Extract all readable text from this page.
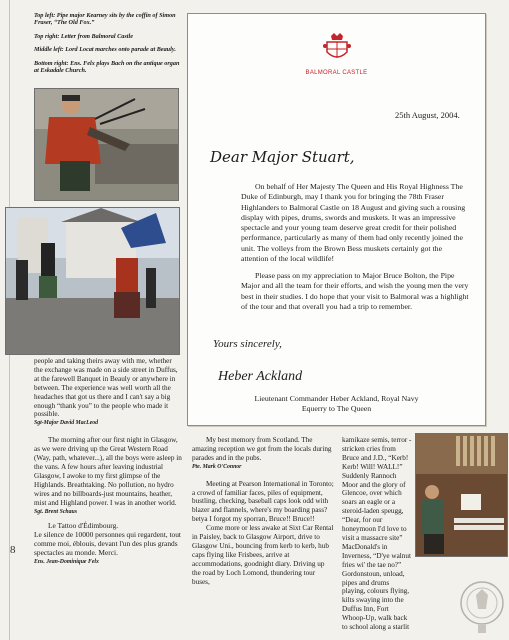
8

Top left: Pipe major Kearney sits by the coffin of Simon Fraser, “The Old Fox.”

Top right: Letter from Balmoral Castle

Middle left: Lord Locat marches onto parade at Beauly.

Bottom right: Ens. Felx plays Bach on the antique organ at Eskadale Church.	BALMORAL CASTLE
25th August, 2004.
Dear Major Stuart,
On behalf of Her Majesty The Queen and His Royal Highness The Duke of Edinburgh, may I thank you for bringing the 78th Fraser Highlanders to Balmoral Castle on 18 August and giving such a rousing display with pipes, drums, swords and muskets. It was an impressive spectacle and your young team deserve great credit for their polished performance, particularly as many of them had only recently joined the unit. The volleys from the Brown Bess muskets certainly got the attention of the local wildlife!
Please pass on my appreciation to Major Bruce Bolton, the Pipe Major and all the team for their efforts, and wish the young men the very best in their studies. I do hope that your visit to Balmoral was a highlight of the tour and that overall you had a trip to remember.
Yours sincerely,
Heber Ackland
Lieutenant Commander Heber Ackland, Royal Navy
Equerry to The Queen

people and taking theirs away with me, whether the exchange was made on a side street in Duffus, at the farewell Banquet in Beauly or anywhere in between. The experience was well worth all the headaches that got us there and I can't say a big enough “thank you” to the people who made it possible.

Sgt-Major David MacLeod

The morning after our first night in Glasgow, as we were driving up the Great Western Road (Way, path, whatever...), all the boys were asleep in the vans. A few hours after leaving industrial Glasgow, I awoke to my first glimpse of the Highlands. Breathtaking. No pollution, no hydro wires and no billboards-just mountains, heather, mist and Highland power. I was in another world.

Sgt. Brent Schaus

Le Tattoo d'Édimbourg.

Le silence de 10000 personnes qui regardent, tout comme moi, éblouis, devant l'un des plus grands spectacles au monde. Merci.

Ens. Jean-Dominique Felx

My best memory from Scotland. The amazing reception we got from the locals during parades and in the pubs.

Pte. Mark O'Connor

Meeting at Pearson International in Toronto; a crowd of familiar faces, piles of equipment, bustling, checking, baseball caps look odd with blazer and flannels, where's my boarding pass? betya I forgot my sporran, Bruce!! Bruce!!

Come more or less awake at Sixt Car Rental in Paisley, back to Glasgow Airport, drive to Glasgow Uni., bouncing from kerb to kerb, hub caps flying like Frisbees, arrive at accommodations, goodnight diary. Driving up the road by Loch Lomond, thundering tour buses,

kamikaze semis, terror - stricken cries from Bruce and J.D., “Kerb! Kerb! Will! WALL!” Suddenly Rannoch Moor and the glory of Glencoe, over which soars an eagle or a steroid-laden speugg, “Dear, for our honeymoon I'd love to visit a massacre site” MacDonald's in Inverness, “D'ye walnut fries wi' the tae no?” Gordonstoun, unload, pipes and drums playing, colours flying, kilts swaying into the Duffus Inn, Fort Whoop-Up, walk back to school along a starlit
